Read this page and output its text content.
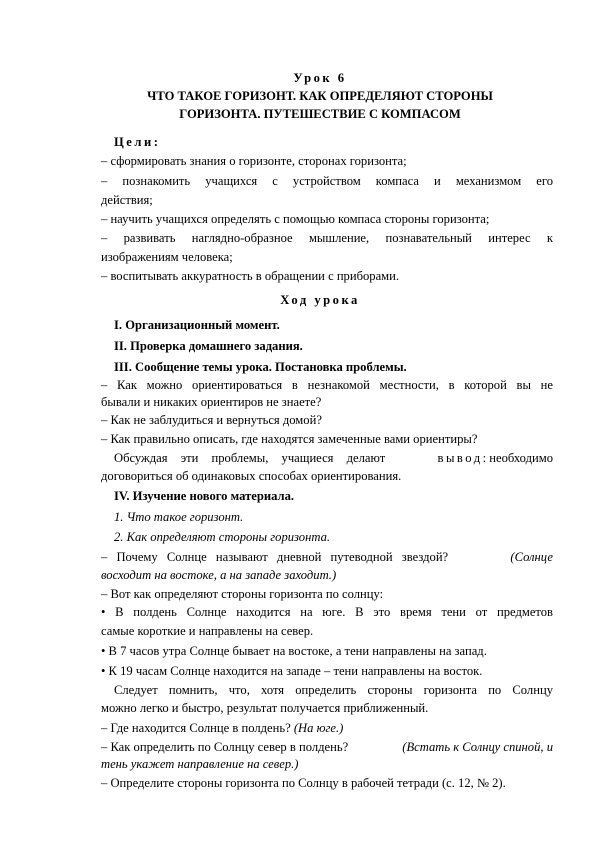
Урок 6
ЧТО ТАКОЕ ГОРИЗОНТ. КАК ОПРЕДЕЛЯЮТ СТОРОНЫ
ГОРИЗОНТА. ПУТЕШЕСТВИЕ С КОМПАСОМ
Цели:
– сформировать знания о горизонте, сторонах горизонта;
– познакомить учащихся с устройством компаса и механизмом его
действия;
– научить учащихся определять с помощью компаса стороны горизонта;
– развивать наглядно-образное мышление, познавательный интерес к
изображениям человека;
– воспитывать аккуратность в обращении с приборами.
Ход урока
I. Организационный момент.
II. Проверка домашнего задания.
III. Сообщение темы урока. Постановка проблемы.
– Как можно ориентироваться в незнакомой местности, в которой вы не
бывали и никаких ориентиров не знаете?
– Как не заблудиться и вернуться домой?
– Как правильно описать, где находятся замеченные вами ориентиры?
Обсуждая эти проблемы, учащиеся делают	вывод: необходимо
договориться об одинаковых способах ориентирования.
IV. Изучение нового материала.
1. Что такое горизонт.
2. Как определяют стороны горизонта.
– Почему Солнце называют дневной путеводной звездой?	(Солнце
восходит на востоке, а на западе заходит.)
– Вот как определяют стороны горизонта по солнцу:
• В полдень Солнце находится на юге. В это время тени от предметов
самые короткие и направлены на север.
• В 7 часов утра Солнце бывает на востоке, а тени направлены на запад.
• К 19 часам Солнце находится на западе – тени направлены на восток.
Следует помнить, что, хотя определить стороны горизонта по Солнцу
можно легко и быстро, результат получается приближенный.
– Где находится Солнце в полдень? (На юге.)
– Как определить по Солнцу север в полдень?	(Встать к Солнцу спиной, и
тень укажет направление на север.)
– Определите стороны горизонта по Солнцу в рабочей тетради (с. 12, № 2).
